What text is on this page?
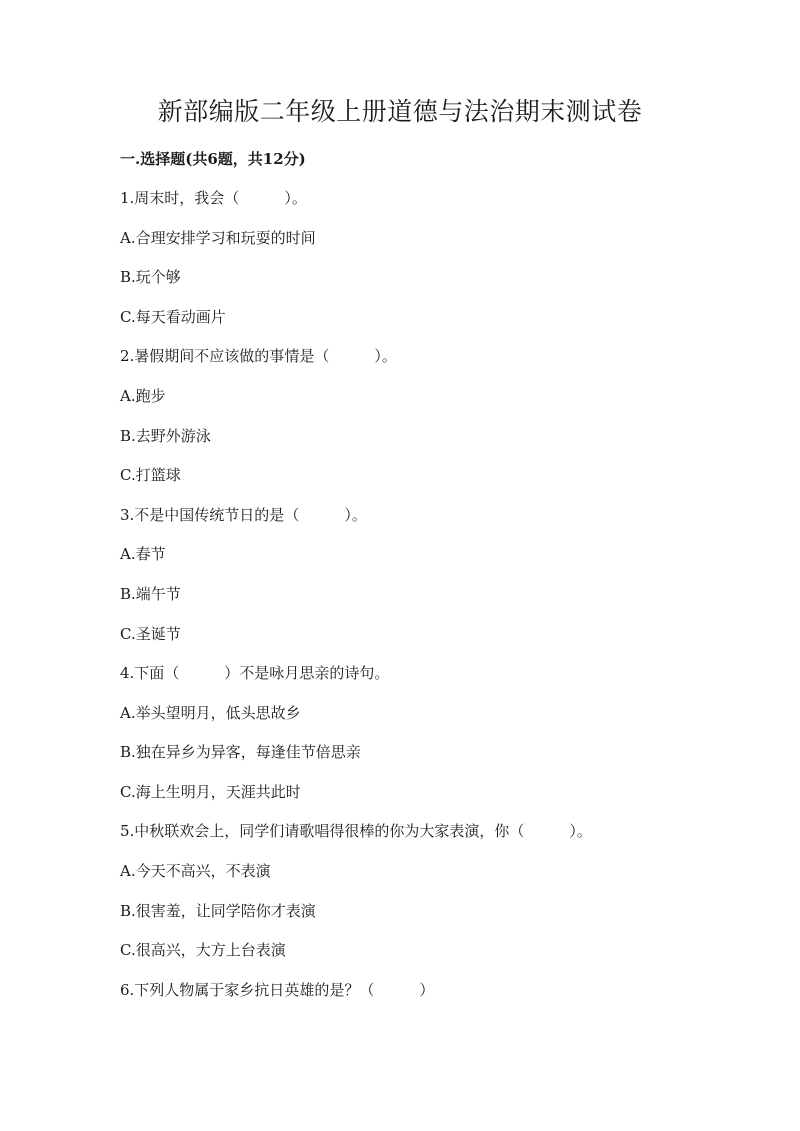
新部编版二年级上册道德与法治期末测试卷
一.选择题(共6题，共12分)
1.周末时，我会（　　　）。
A.合理安排学习和玩耍的时间
B.玩个够
C.每天看动画片
2.暑假期间不应该做的事情是（　　　）。
A.跑步
B.去野外游泳
C.打篮球
3.不是中国传统节日的是（　　　）。
A.春节
B.端午节
C.圣诞节
4.下面（　　　）不是咏月思亲的诗句。
A.举头望明月，低头思故乡
B.独在异乡为异客，每逢佳节倍思亲
C.海上生明月，天涯共此时
5.中秋联欢会上，同学们请歌唱得很棒的你为大家表演，你（　　　）。
A.今天不高兴，不表演
B.很害羞，让同学陪你才表演
C.很高兴，大方上台表演
6.下列人物属于家乡抗日英雄的是？（　　　）
